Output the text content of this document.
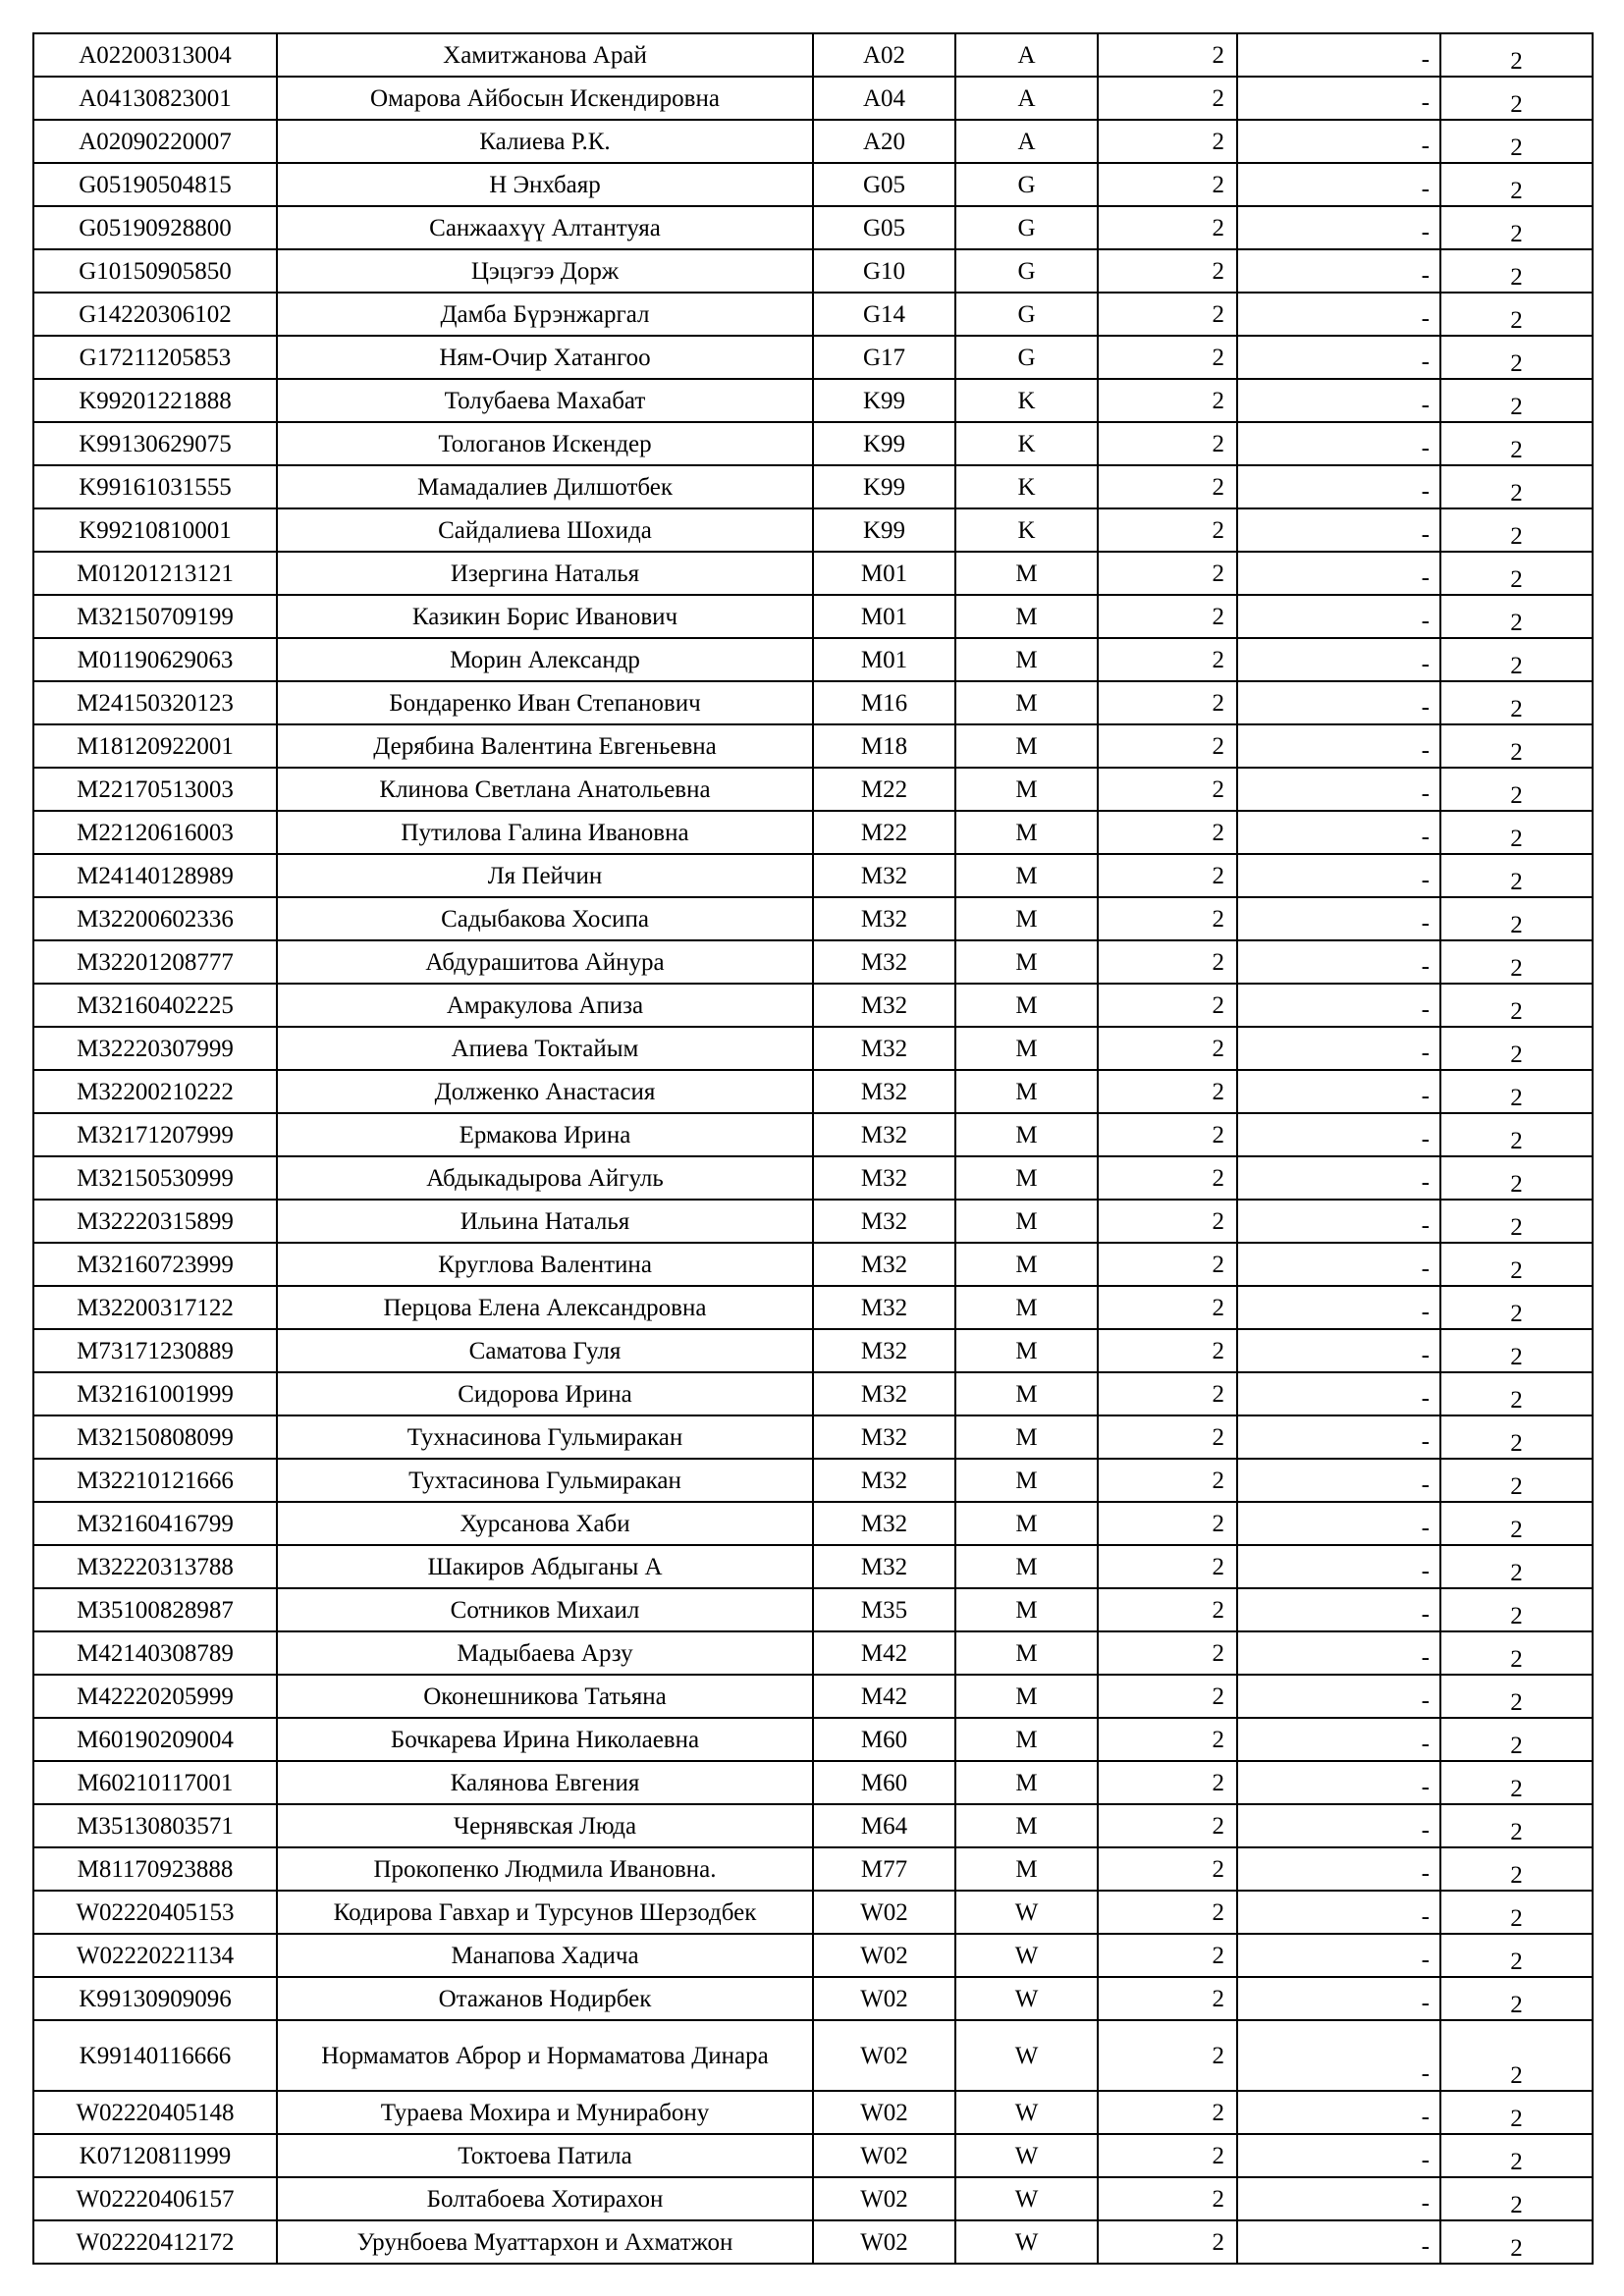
A02200313004	Хамитжанова Арай	A02	A	2	-	2
A04130823001	Омарова Айбосын Искендировна	A04	A	2	-	2
A02090220007	Калиева Р.К.	A20	A	2	-	2
G05190504815	Н Энхбаяр	G05	G	2	-	2
G05190928800	Санжаахүү Алтантуяа	G05	G	2	-	2
G10150905850	Цэцэгээ Дорж	G10	G	2	-	2
G14220306102	Дамба Бүрэнжаргал	G14	G	2	-	2
G17211205853	Ням-Очир Хатангоо	G17	G	2	-	2
K99201221888	Толубаева Махабат	K99	K	2	-	2
K99130629075	Тологанов Искендер	K99	K	2	-	2
K99161031555	Мамадалиев Дилшотбек	K99	K	2	-	2
K99210810001	Сайдалиева Шохида	K99	K	2	-	2
M01201213121	Изергина Наталья	M01	M	2	-	2
M32150709199	Казикин Борис Иванович	M01	M	2	-	2
M01190629063	Морин Александр	M01	M	2	-	2
M24150320123	Бондаренко Иван Степанович	M16	M	2	-	2
M18120922001	Дерябина Валентина Евгеньевна	M18	M	2	-	2
M22170513003	Клинова Светлана Анатольевна	M22	M	2	-	2
M22120616003	Путилова Галина Ивановна	M22	M	2	-	2
M24140128989	Ля Пейчин	M32	M	2	-	2
M32200602336	Садыбакова Хосипа	M32	M	2	-	2
M32201208777	Абдурашитова Айнура	M32	M	2	-	2
M32160402225	Амракулова Апиза	M32	M	2	-	2
M32220307999	Апиева Токтайым	M32	M	2	-	2
M32200210222	Долженко Анастасия	M32	M	2	-	2
M32171207999	Ермакова Ирина	M32	M	2	-	2
M32150530999	Абдыкадырова Айгуль	M32	M	2	-	2
M32220315899	Ильина Наталья	M32	M	2	-	2
M32160723999	Круглова Валентина	M32	M	2	-	2
M32200317122	Перцова Елена Александровна	M32	M	2	-	2
M73171230889	Саматова Гуля	M32	M	2	-	2
M32161001999	Сидорова Ирина	M32	M	2	-	2
M32150808099	Тухнасинова Гульмиракан	M32	M	2	-	2
M32210121666	Тухтасинова Гульмиракан	M32	M	2	-	2
M32160416799	Хурсанова Хаби	M32	M	2	-	2
M32220313788	Шакиров Абдыганы А	M32	M	2	-	2
M35100828987	Сотников Михаил	M35	M	2	-	2
M42140308789	Мадыбаева Арзу	M42	M	2	-	2
M42220205999	Оконешникова Татьяна	M42	M	2	-	2
M60190209004	Бочкарева Ирина Николаевна	M60	M	2	-	2
M60210117001	Калянова Евгения	M60	M	2	-	2
M35130803571	Чернявская Люда	M64	M	2	-	2
M81170923888	Прокопенко Людмила Ивановна.	M77	M	2	-	2
W02220405153	Кодирова Гавхар и Турсунов Шерзодбек	W02	W	2	-	2
W02220221134	Манапова Хадича	W02	W	2	-	2
K99130909096	Отажанов Нодирбек	W02	W	2	-	2
K99140116666	Нормаматов Аброр и Нормаматова Динара	W02	W	2	-	2
W02220405148	Тураева Мохира и Мунирабону	W02	W	2	-	2
K07120811999	Токтоева Патила	W02	W	2	-	2
W02220406157	Болтабоева Хотирахон	W02	W	2	-	2
W02220412172	Урунбоева Муаттархон и Ахматжон	W02	W	2	-	2
